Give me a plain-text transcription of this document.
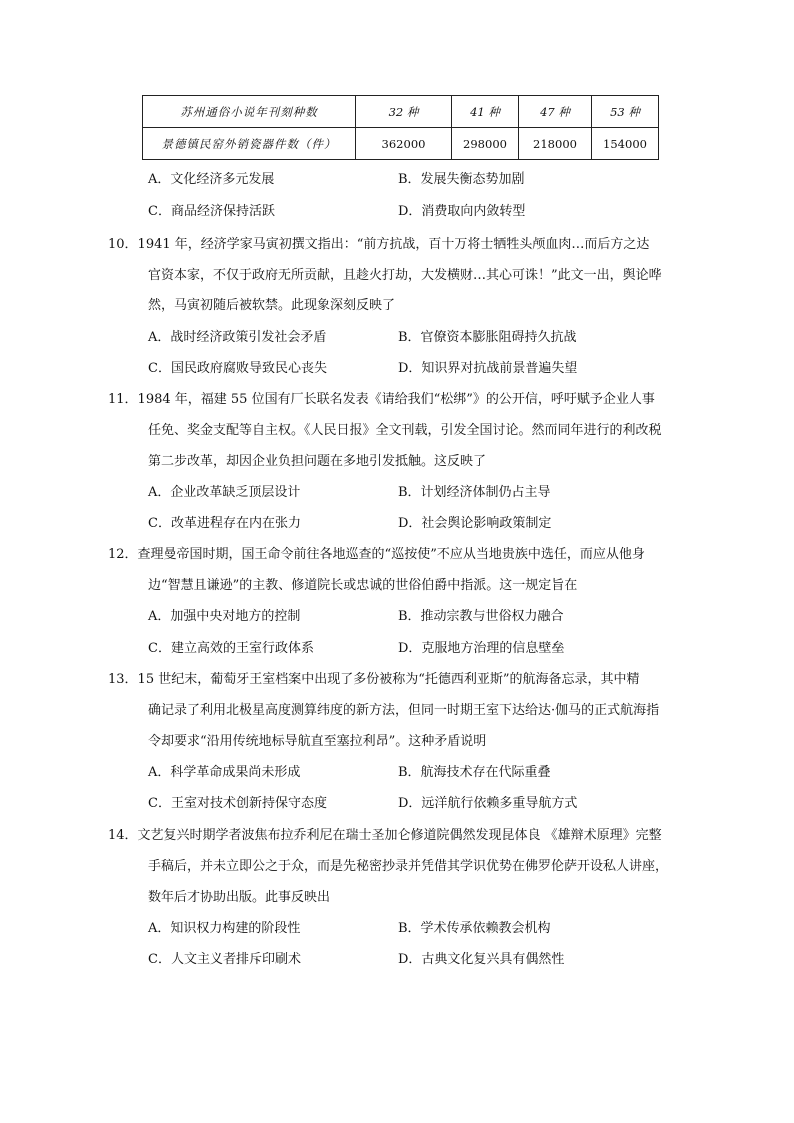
苏州通俗小说年刊刻种数	32 种	41 种	47 种	53 种
景德镇民窑外销瓷器件数（件）	362000	298000	218000	154000
A．文化经济多元发展	B．发展失衡态势加剧
C．商品经济保持活跃	D．消费取向内敛转型
10．1941 年，经济学家马寅初撰文指出：“前方抗战，百十万将士牺牲头颅血肉…而后方之达
官资本家，不仅于政府无所贡献，且趁火打劫，大发横财…其心可诛！”此文一出，舆论哗
然，马寅初随后被软禁。此现象深刻反映了
A．战时经济政策引发社会矛盾	B．官僚资本膨胀阻碍持久抗战
C．国民政府腐败导致民心丧失	D．知识界对抗战前景普遍失望
11．1984 年，福建 55 位国有厂长联名发表《请给我们“松绑”》的公开信，呼吁赋予企业人事
任免、奖金支配等自主权。《人民日报》全文刊载，引发全国讨论。然而同年进行的利改税
第二步改革，却因企业负担问题在多地引发抵触。这反映了
A．企业改革缺乏顶层设计	B．计划经济体制仍占主导
C．改革进程存在内在张力	D．社会舆论影响政策制定
12．查理曼帝国时期，国王命令前往各地巡查的“巡按使”不应从当地贵族中选任，而应从他身
边“智慧且谦逊”的主教、修道院长或忠诚的世俗伯爵中指派。这一规定旨在
A．加强中央对地方的控制	B．推动宗教与世俗权力融合
C．建立高效的王室行政体系	D．克服地方治理的信息壁垒
13．15 世纪末，葡萄牙王室档案中出现了多份被称为“托德西利亚斯”的航海备忘录，其中精
确记录了利用北极星高度测算纬度的新方法，但同一时期王室下达给达·伽马的正式航海指
令却要求“沿用传统地标导航直至塞拉利昂”。这种矛盾说明
A．科学革命成果尚未形成	B．航海技术存在代际重叠
C．王室对技术创新持保守态度	D．远洋航行依赖多重导航方式
14．文艺复兴时期学者波焦布拉乔利尼在瑞士圣加仑修道院偶然发现昆体良 《雄辩术原理》完整
手稿后，并未立即公之于众，而是先秘密抄录并凭借其学识优势在佛罗伦萨开设私人讲座，
数年后才协助出版。此事反映出
A．知识权力构建的阶段性	B．学术传承依赖教会机构
C．人文主义者排斥印刷术	D．古典文化复兴具有偶然性
